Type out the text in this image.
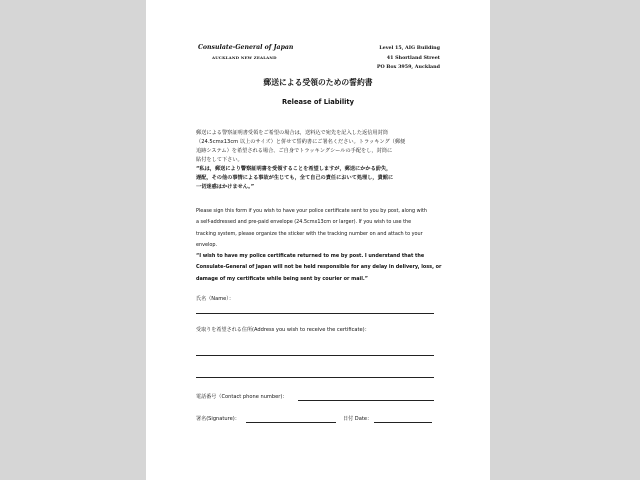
Consulate-General of Japan
AUCKLAND NEW ZEALAND
Level 15, AIG Building
41 Shortland Street
PO Box 3959, Auckland
郵送による受領のための誓約書
Release of Liability
郵送による警察証明書受領をご希望の場合は，送料込で宛先を記入した返信用封筒
（24.5cmx13cm 以上のサイズ）と併せて誓約書にご署名ください。トラッキング（郵便
追跡システム）を希望される場合、ご自身でトラッキングシールの手配をし，封筒に
貼付をして下さい。
“私は，郵送により警察証明書を受領することを希望しますが，郵送にかかる紛失，
遅配，その他の事情による事故が生じても，全て自己の責任において処理し，貴館に
一切迷惑はかけません。”
Please sign this form if you wish to have your police certificate sent to you by post, along with
a self-addressed and pre-paid envelope (24.5cmx13cm or larger). If you wish to use the
tracking system, please organize the sticker with the tracking number on and attach to your
envelop.
“I wish to have my police certificate returned to me by post. I understand that the
Consulate-General of Japan will not be held responsible for any delay in delivery, loss, or
damage of my certificate while being sent by courier or mail.”
氏名（Name）：
受取りを希望される住所(Address you wish to receive the certificate)：
電話番号（Contact phone number)：
署名(Signature)：	日付 Date：
